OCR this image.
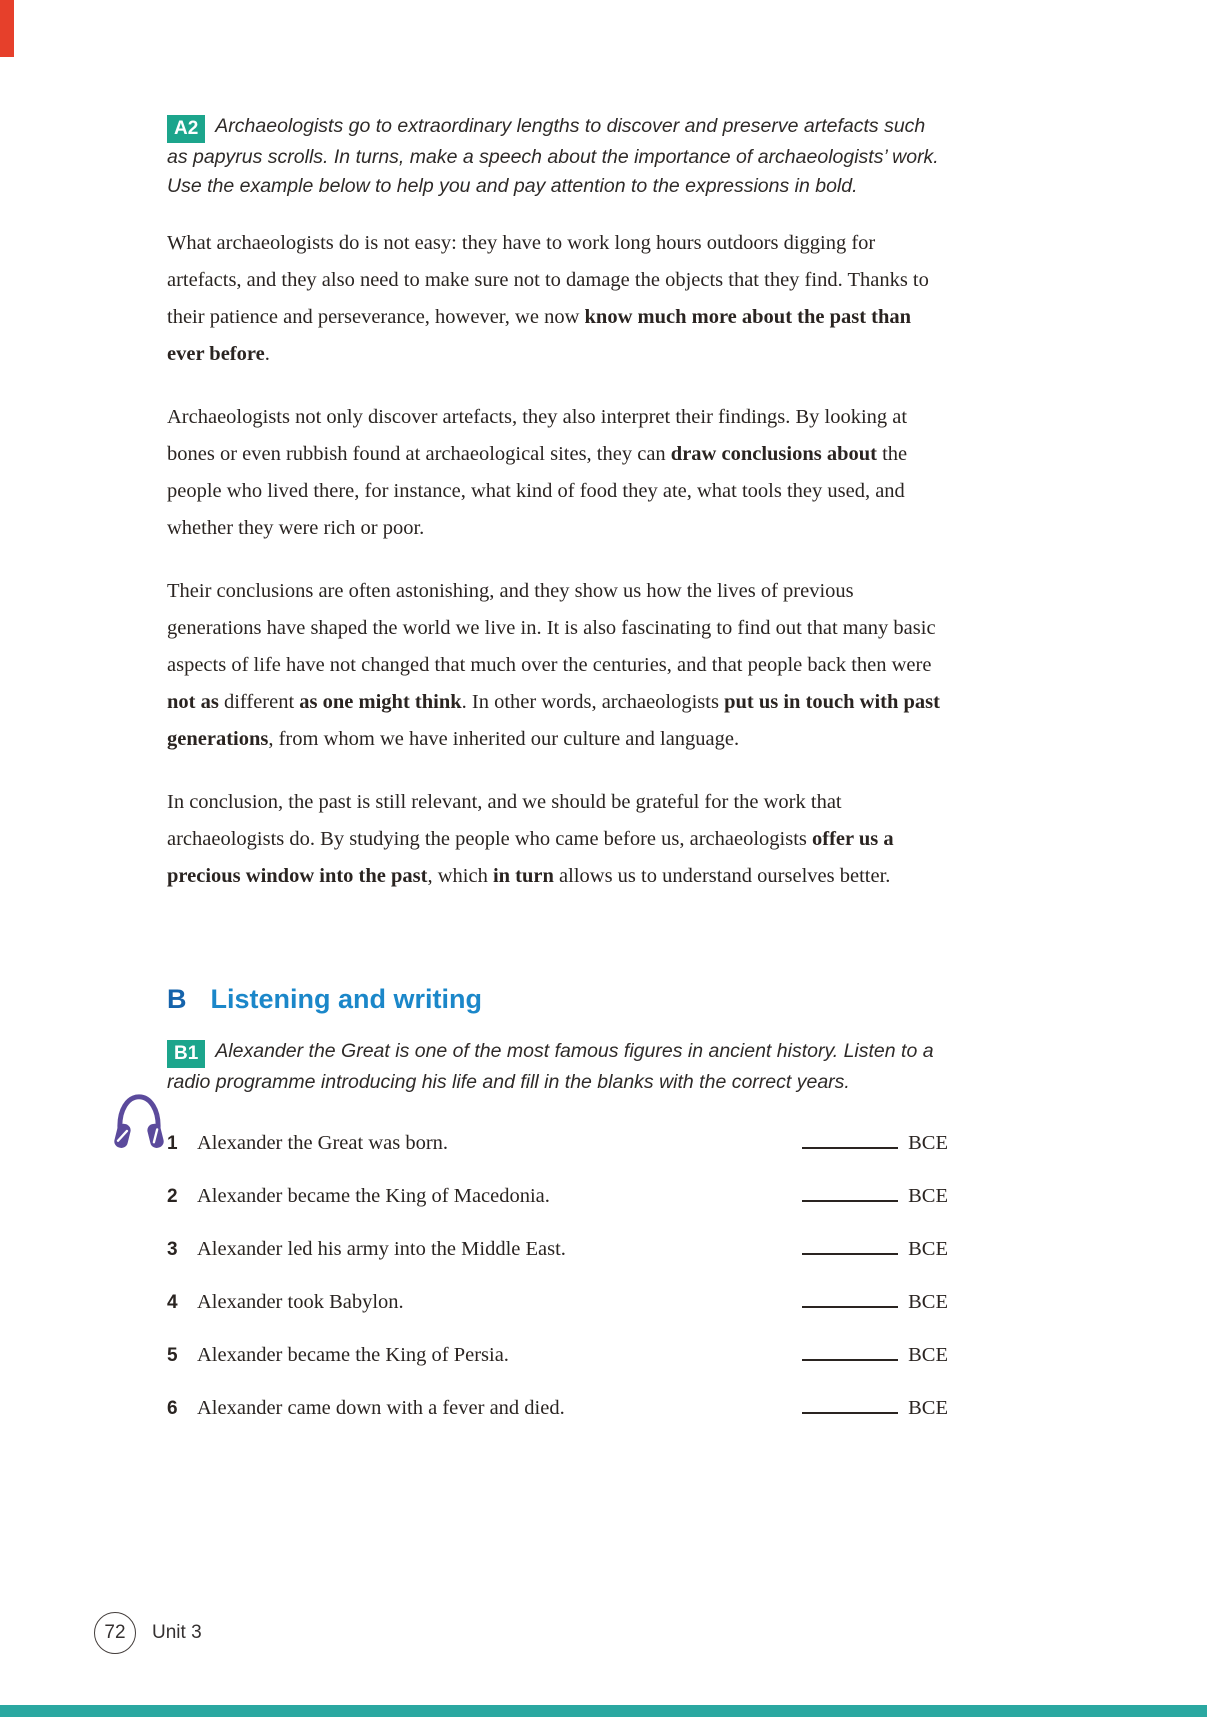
A2 Archaeologists go to extraordinary lengths to discover and preserve artefacts such as papyrus scrolls. In turns, make a speech about the importance of archaeologists’ work. Use the example below to help you and pay attention to the expressions in bold.

What archaeologists do is not easy: they have to work long hours outdoors digging for artefacts, and they also need to make sure not to damage the objects that they find. Thanks to their patience and perseverance, however, we now know much more about the past than ever before.

Archaeologists not only discover artefacts, they also interpret their findings. By looking at bones or even rubbish found at archaeological sites, they can draw conclusions about the people who lived there, for instance, what kind of food they ate, what tools they used, and whether they were rich or poor.

Their conclusions are often astonishing, and they show us how the lives of previous generations have shaped the world we live in. It is also fascinating to find out that many basic aspects of life have not changed that much over the centuries, and that people back then were not as different as one might think. In other words, archaeologists put us in touch with past generations, from whom we have inherited our culture and language.

In conclusion, the past is still relevant, and we should be grateful for the work that archaeologists do. By studying the people who came before us, archaeologists offer us a precious window into the past, which in turn allows us to understand ourselves better.

B Listening and writing

B1 Alexander the Great is one of the most famous figures in ancient history. Listen to a radio programme introducing his life and fill in the blanks with the correct years.

1 Alexander the Great was born.	BCE
2 Alexander became the King of Macedonia.	BCE
3 Alexander led his army into the Middle East.	BCE
4 Alexander took Babylon.	BCE
5 Alexander became the King of Persia.	BCE
6 Alexander came down with a fever and died.	BCE
72 Unit 3
